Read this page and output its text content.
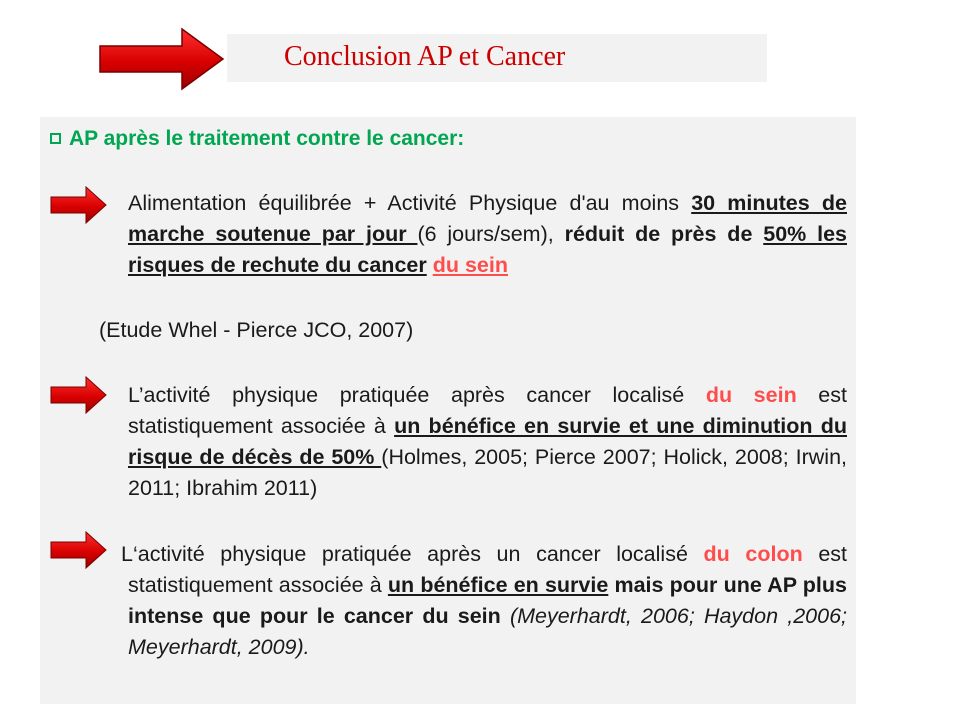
Conclusion AP et Cancer
AP après le traitement contre le cancer:
Alimentation équilibrée + Activité Physique d'au moins 30 minutes de marche soutenue par jour (6 jours/sem), réduit de près de 50% les risques de rechute du cancer du sein
(Etude Whel - Pierce JCO, 2007)
L’activité physique pratiquée après cancer localisé du sein est statistiquement associée à un bénéfice en survie et une diminution du risque de décès de 50% (Holmes, 2005; Pierce 2007; Holick, 2008; Irwin, 2011; Ibrahim 2011)
L‘activité physique pratiquée après un cancer localisé du colon est statistiquement associée à un bénéfice en survie mais pour une AP plus intense que pour le cancer du sein (Meyerhardt, 2006; Haydon ,2006; Meyerhardt, 2009).
